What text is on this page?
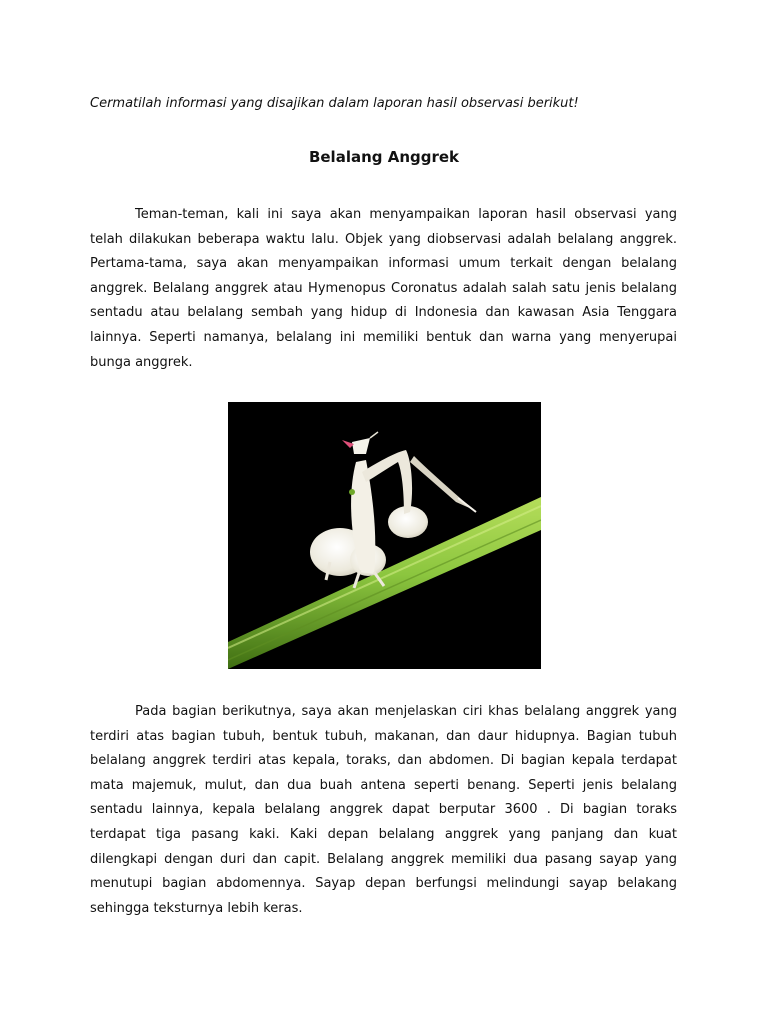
Cermatilah informasi yang disajikan dalam laporan hasil observasi berikut!

Belalang Anggrek

Teman-teman, kali ini saya akan menyampaikan laporan hasil observasi yang telah dilakukan beberapa waktu lalu. Objek yang diobservasi adalah belalang anggrek. Pertama-tama, saya akan menyampaikan informasi umum terkait dengan belalang anggrek. Belalang anggrek atau Hymenopus Coronatus adalah salah satu jenis belalang sentadu atau belalang sembah yang hidup di Indonesia dan kawasan Asia Tenggara lainnya. Seperti namanya, belalang ini memiliki bentuk dan warna yang menyerupai bunga anggrek.

Pada bagian berikutnya, saya akan menjelaskan ciri khas belalang anggrek yang terdiri atas bagian tubuh, bentuk tubuh, makanan, dan daur hidupnya. Bagian tubuh belalang anggrek terdiri atas kepala, toraks, dan abdomen. Di bagian kepala terdapat mata majemuk, mulut, dan dua buah antena seperti benang. Seperti jenis belalang sentadu lainnya, kepala belalang anggrek dapat berputar 3600 . Di bagian toraks terdapat tiga pasang kaki. Kaki depan belalang anggrek yang panjang dan kuat dilengkapi dengan duri dan capit. Belalang anggrek memiliki dua pasang sayap yang menutupi bagian abdomennya. Sayap depan berfungsi melindungi sayap belakang sehingga teksturnya lebih keras.
